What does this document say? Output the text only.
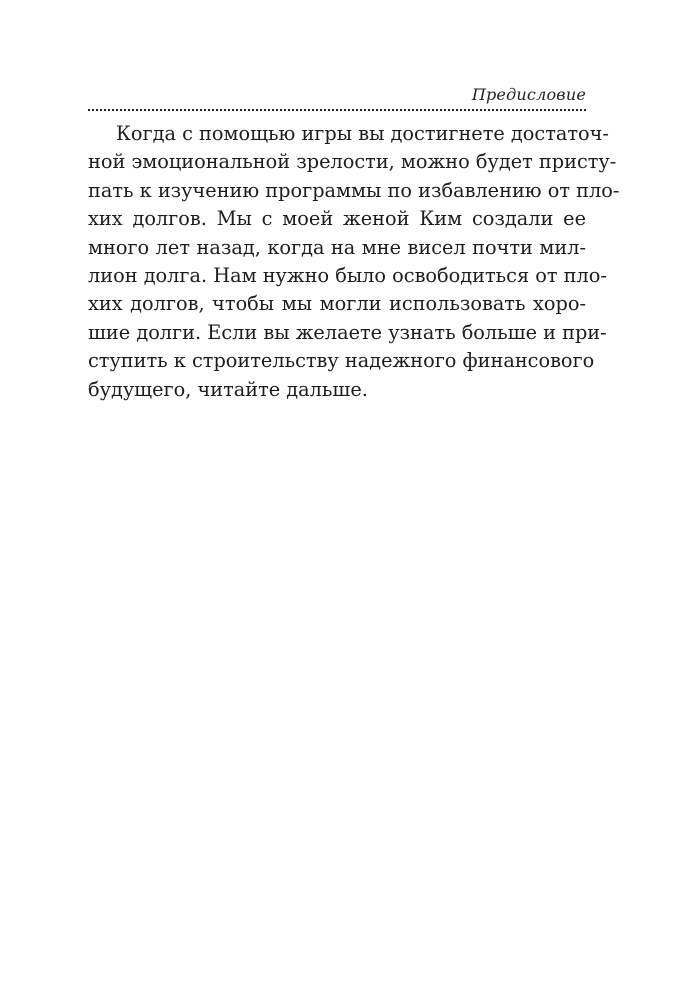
Предисловие
Когда с помощью игры вы достигнете достаточ-
ной эмоциональной зрелости, можно будет присту-
пать к изучению программы по избавлению от пло-
хих долгов. Мы с моей женой Ким создали ее
много лет назад, когда на мне висел почти мил-
лион долга. Нам нужно было освободиться от пло-
хих долгов, чтобы мы могли использовать хоро-
шие долги. Если вы желаете узнать больше и при-
ступить к строительству надежного финансового
будущего, читайте дальше.
